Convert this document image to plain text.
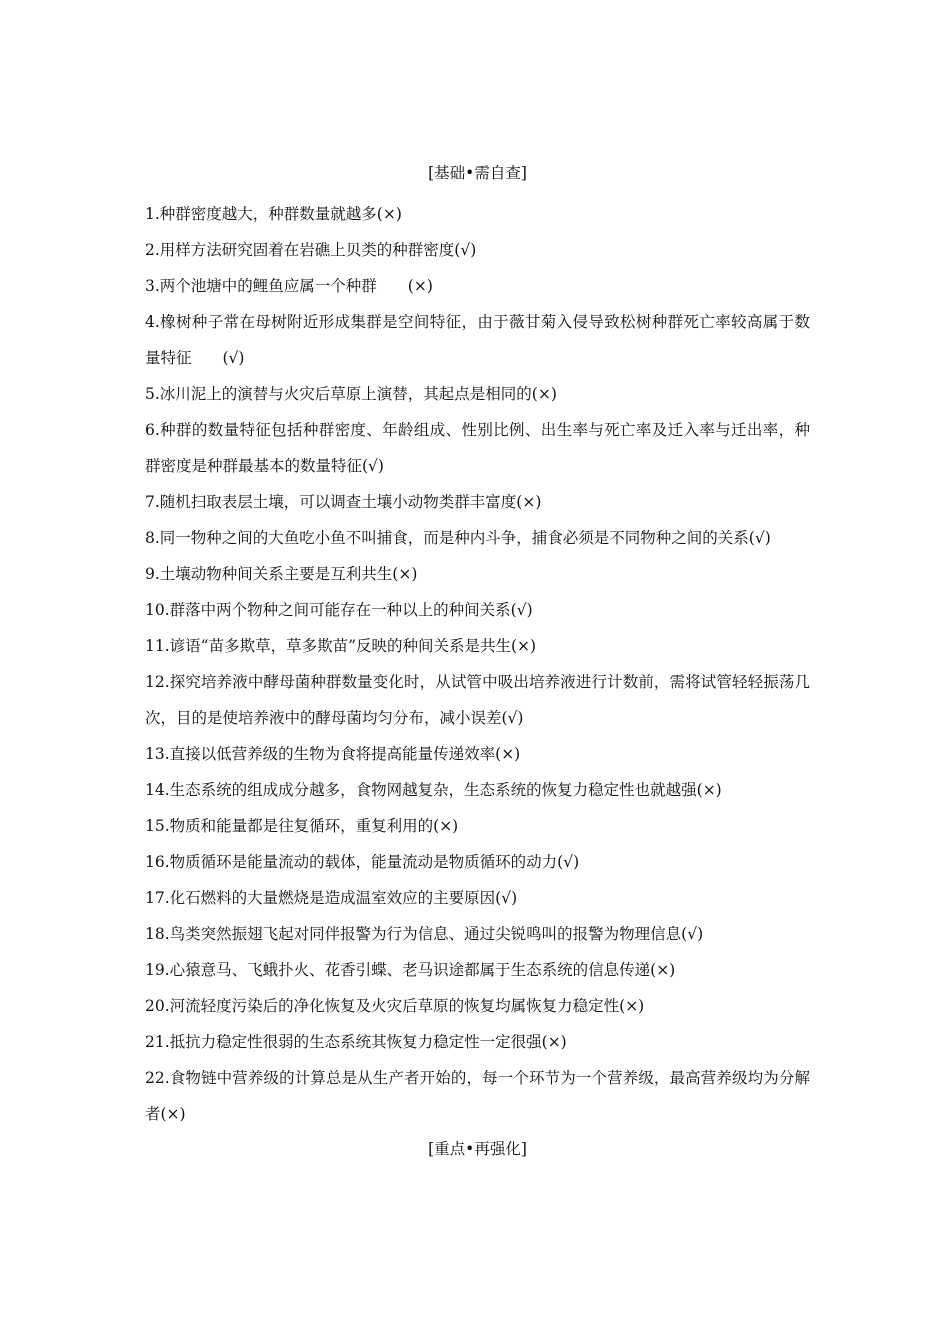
[基础•需自查]

1.种群密度越大，种群数量就越多(×)

2.用样方法研究固着在岩礁上贝类的种群密度(√)

3.两个池塘中的鲤鱼应属一个种群　　(×)

4.橡树种子常在母树附近形成集群是空间特征，由于薇甘菊入侵导致松树种群死亡率较高属于数量特征　　(√)

5.冰川泥上的演替与火灾后草原上演替，其起点是相同的(×)

6.种群的数量特征包括种群密度、年龄组成、性别比例、出生率与死亡率及迁入率与迁出率，种群密度是种群最基本的数量特征(√)

7.随机扫取表层土壤，可以调查土壤小动物类群丰富度(×)

8.同一物种之间的大鱼吃小鱼不叫捕食，而是种内斗争，捕食必须是不同物种之间的关系(√)

9.土壤动物种间关系主要是互利共生(×)

10.群落中两个物种之间可能存在一种以上的种间关系(√)

11.谚语“苗多欺草，草多欺苗”反映的种间关系是共生(×)

12.探究培养液中酵母菌种群数量变化时，从试管中吸出培养液进行计数前，需将试管轻轻振荡几次，目的是使培养液中的酵母菌均匀分布，减小误差(√)

13.直接以低营养级的生物为食将提高能量传递效率(×)

14.生态系统的组成成分越多，食物网越复杂，生态系统的恢复力稳定性也就越强(×)

15.物质和能量都是往复循环，重复利用的(×)

16.物质循环是能量流动的载体，能量流动是物质循环的动力(√)

17.化石燃料的大量燃烧是造成温室效应的主要原因(√)

18.鸟类突然振翅飞起对同伴报警为行为信息、通过尖锐鸣叫的报警为物理信息(√)

19.心猿意马、飞蛾扑火、花香引蝶、老马识途都属于生态系统的信息传递(×)

20.河流轻度污染后的净化恢复及火灾后草原的恢复均属恢复力稳定性(×)

21.抵抗力稳定性很弱的生态系统其恢复力稳定性一定很强(×)

22.食物链中营养级的计算总是从生产者开始的，每一个环节为一个营养级，最高营养级均为分解者(×)

[重点•再强化]
